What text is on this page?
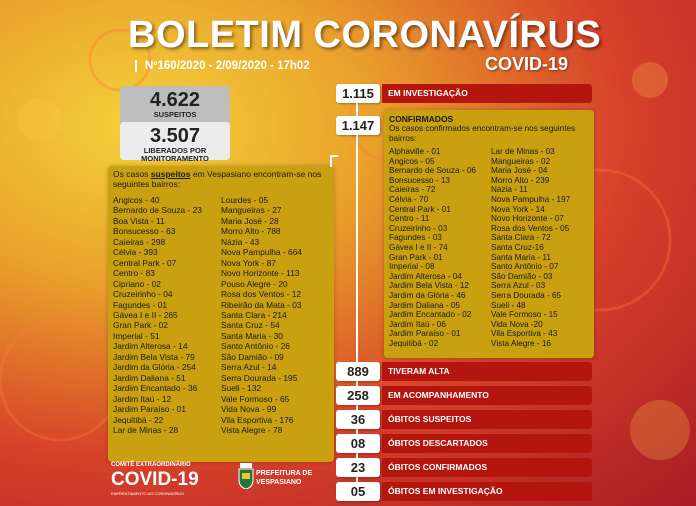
BOLETIM CORONAVÍRUS
COVID-19
Nº160/2020 - 2/09/2020 - 17h02
4.622
SUSPEITOS
3.507
LIBERADOS POR
MONITORAMENTO
Os casos suspeitos em Vespasiano encontram-se nos seguintes bairros:
Angicos - 40
Bernardo de Souza - 23
Boa Vista - 11
Bonsucesso - 63
Caieiras - 298
Célvia - 393
Central Park - 07
Centro - 83
Cipriano - 02
Cruzeirinho - 04
Fagundes - 01
Gávea I e II - 265
Gran Park - 02
Imperial - 51
Jardim Alterosa - 14
Jardim Bela Vista - 79
Jardim da Glória - 254
Jardim Daliana - 51
Jardim Encantado - 36
Jardim Itaú - 12
Jardim Paraíso - 01
Jequitibá - 22
Lar de Minas - 28
Lourdes - 05
Mangueiras - 27
Maria José - 28
Morro Alto - 788
Názia - 43
Nova Pampulha - 664
Nova York - 87
Novo Horizonte - 113
Pouso Alegre - 20
Rosa dos Ventos - 12
Ribeirão da Mata - 03
Santa Clara - 214
Santa Cruz - 54
Santa Maria - 30
Santo Antônio - 26
São Damião - 09
Serra Azul - 14
Serra Dourada - 195
Sueli - 132
Vale Formoso - 65
Vida Nova - 99
Vila Esportiva - 176
Vista Alegre - 78
1.115	EM INVESTIGAÇÃO
1.147	CONFIRMADOS
Os casos confirmados encontram-se nos seguintes bairros:
Alphaville - 01
Angicos - 05
Bernardo de Souza - 06
Bonsucesso - 13
Caieiras - 72
Célvia - 70
Central Park - 01
Centro - 11
Cruzeirinho - 03
Fagundes - 03
Gávea I e II - 74
Gran Park - 01
Imperial - 08
Jardim Alterosa - 04
Jardim Bela Vista - 12
Jardim da Glória - 46
Jardim Daliana - 05
Jardim Encantado - 02
Jardim Itaú - 06
Jardim Paraíso - 01
Jequitibá - 02
Lar de Minas - 03
Mangueiras - 02
Maria José - 04
Morro Alto - 239
Názia - 11
Nova Pampulha - 197
Nova York - 14
Novo Horizonte - 07
Rosa dos Ventos - 05
Santa Clara - 72
Santa Cruz-16
Santa Maria - 11
Santo Antônio - 07
São Damião - 03
Serra Azul - 03
Serra Dourada - 65
Sueli - 48
Vale Formoso - 15
Vida Nova -20
Vila Esportiva - 43
Vista Alegre - 16
889	TIVERAM ALTA
258	EM ACOMPANHAMENTO
36	ÓBITOS SUSPEITOS
08	ÓBITOS DESCARTADOS
23	ÓBITOS CONFIRMADOS
05	ÓBITOS EM INVESTIGAÇÃO
COMITÊ EXTRAORDINÁRIO
COVID-19
ENFRENTAMENTO AO CORONAVÍRUS
PREFEITURA DE
VESPASIANO
